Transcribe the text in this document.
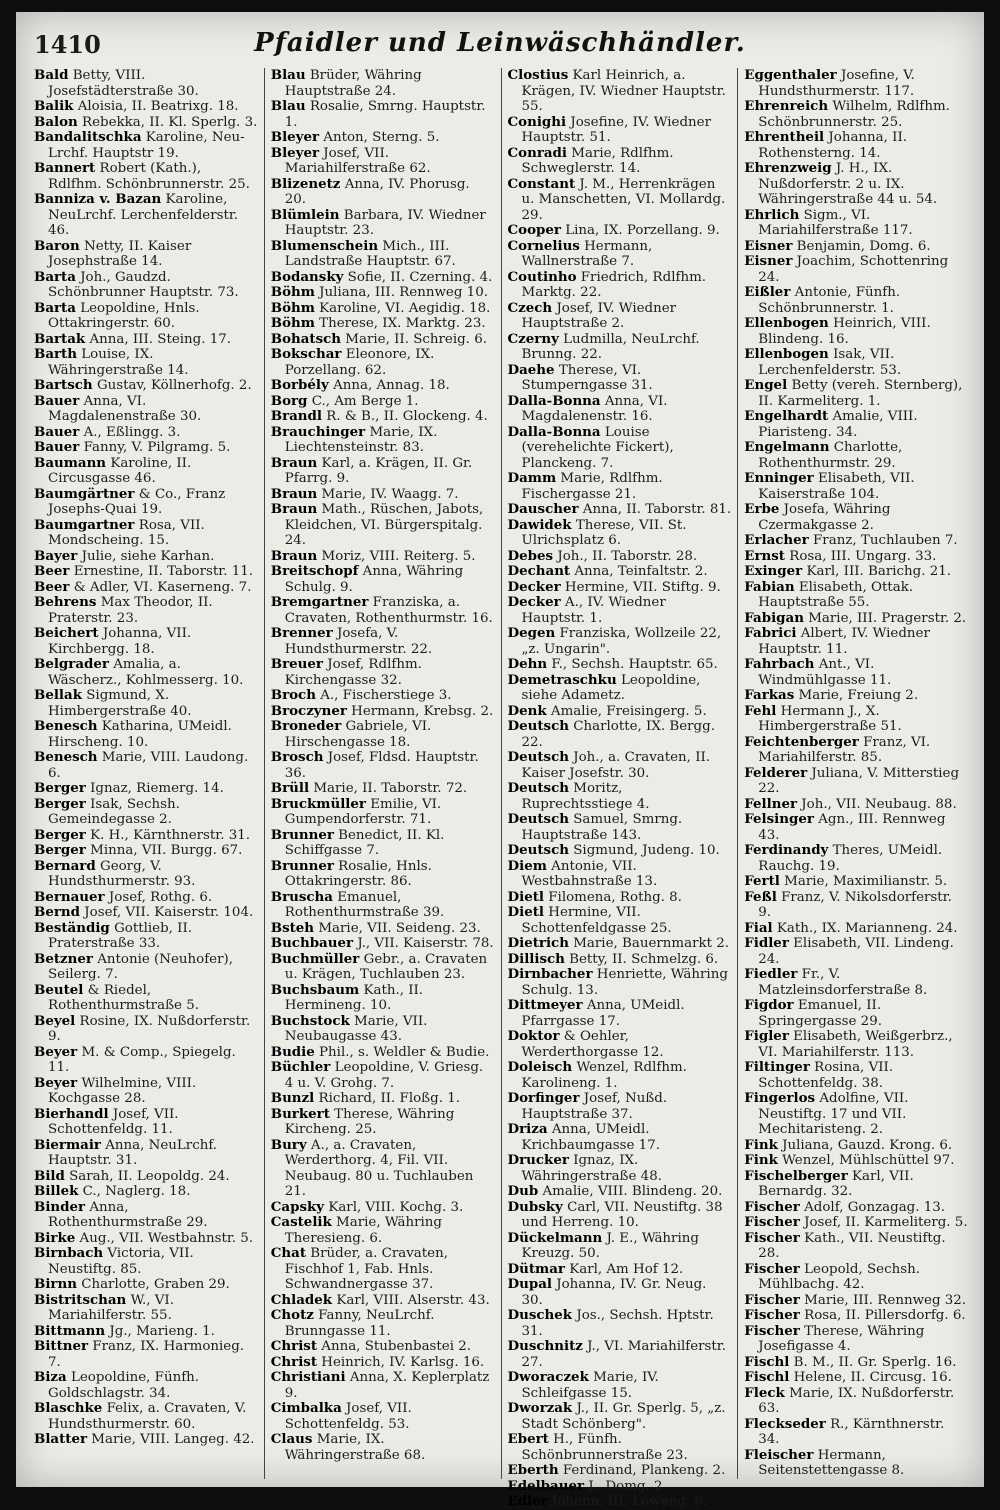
1410	Pfaidler und Leinwäschhändler.

Bald Betty, VIII. Josefstädterstraße 30.

Balik Aloisia, II. Beatrixg. 18.

Balon Rebekka, II. Kl. Sperlg. 3.

Bandalitschka Karoline, Neu-Lrchf. Hauptstr 19.

Bannert Robert (Kath.), Rdlfhm. Schönbrunnerstr. 25.

Banniza v. Bazan Karoline, NeuLrchf. Lerchenfelderstr. 46.

Baron Netty, II. Kaiser Josephstraße 14.

Barta Joh., Gaudzd. Schönbrunner Hauptstr. 73.

Barta Leopoldine, Hnls. Ottakringerstr. 60.

Bartak Anna, III. Steing. 17.

Barth Louise, IX. Währingerstraße 14.

Bartsch Gustav, Köllnerhofg. 2.

Bauer Anna, VI. Magdalenenstraße 30.

Bauer A., Eßlingg. 3.

Bauer Fanny, V. Pilgramg. 5.

Baumann Karoline, II. Circusgasse 46.

Baumgärtner & Co., Franz Josephs-Quai 19.

Baumgartner Rosa, VII. Mondscheing. 15.

Bayer Julie, siehe Karhan.

Beer Ernestine, II. Taborstr. 11.

Beer & Adler, VI. Kaserneng. 7.

Behrens Max Theodor, II. Praterstr. 23.

Beichert Johanna, VII. Kirchbergg. 18.

Belgrader Amalia, a. Wäscherz., Kohlmesserg. 10.

Bellak Sigmund, X. Himbergerstraße 40.

Benesch Katharina, UMeidl. Hirscheng. 10.

Benesch Marie, VIII. Laudong. 6.

Berger Ignaz, Riemerg. 14.

Berger Isak, Sechsh. Gemeindegasse 2.

Berger K. H., Kärnthnerstr. 31.

Berger Minna, VII. Burgg. 67.

Bernard Georg, V. Hundsthurmerstr. 93.

Bernauer Josef, Rothg. 6.

Bernd Josef, VII. Kaiserstr. 104.

Beständig Gottlieb, II. Praterstraße 33.

Betzner Antonie (Neuhofer), Seilerg. 7.

Beutel & Riedel, Rothenthurmstraße 5.

Beyel Rosine, IX. Nußdorferstr. 9.

Beyer M. & Comp., Spiegelg. 11.

Beyer Wilhelmine, VIII. Kochgasse 28.

Bierhandl Josef, VII. Schottenfeldg. 11.

Biermair Anna, NeuLrchf. Hauptstr. 31.

Bild Sarah, II. Leopoldg. 24.

Billek C., Naglerg. 18.

Binder Anna, Rothenthurmstraße 29.

Birke Aug., VII. Westbahnstr. 5.

Birnbach Victoria, VII. Neustiftg. 85.

Birnn Charlotte, Graben 29.

Bistritschan W., VI. Mariahilferstr. 55.

Bittmann Jg., Marieng. 1.

Bittner Franz, IX. Harmonieg. 7.

Biza Leopoldine, Fünfh. Goldschlagstr. 34.

Blaschke Felix, a. Cravaten, V. Hundsthurmerstr. 60.

Blatter Marie, VIII. Langeg. 42.

Blau Brüder, Währing Hauptstraße 24.

Blau Rosalie, Smrng. Hauptstr. 1.

Bleyer Anton, Sterng. 5.

Bleyer Josef, VII. Mariahilferstraße 62.

Blizenetz Anna, IV. Phorusg. 20.

Blümlein Barbara, IV. Wiedner Hauptstr. 23.

Blumenschein Mich., III. Landstraße Hauptstr. 67.

Bodansky Sofie, II. Czerning. 4.

Böhm Juliana, III. Rennweg 10.

Böhm Karoline, VI. Aegidig. 18.

Böhm Therese, IX. Marktg. 23.

Bohatsch Marie, II. Schreig. 6.

Bokschar Eleonore, IX. Porzellang. 62.

Borbély Anna, Annag. 18.

Borg C., Am Berge 1.

Brandl R. & B., II. Glockeng. 4.

Brauchinger Marie, IX. Liechtensteinstr. 83.

Braun Karl, a. Krägen, II. Gr. Pfarrg. 9.

Braun Marie, IV. Waagg. 7.

Braun Math., Rüschen, Jabots, Kleidchen, VI. Bürgerspitalg. 24.

Braun Moriz, VIII. Reiterg. 5.

Breitschopf Anna, Währing Schulg. 9.

Bremgartner Franziska, a. Cravaten, Rothenthurmstr. 16.

Brenner Josefa, V. Hundsthurmerstr. 22.

Breuer Josef, Rdlfhm. Kirchengasse 32.

Broch A., Fischerstiege 3.

Broczyner Hermann, Krebsg. 2.

Broneder Gabriele, VI. Hirschengasse 18.

Brosch Josef, Fldsd. Hauptstr. 36.

Brüll Marie, II. Taborstr. 72.

Bruckmüller Emilie, VI. Gumpendorferstr. 71.

Brunner Benedict, II. Kl. Schiffgasse 7.

Brunner Rosalie, Hnls. Ottakringerstr. 86.

Bruscha Emanuel, Rothenthurmstraße 39.

Bsteh Marie, VII. Seideng. 23.

Buchbauer J., VII. Kaiserstr. 78.

Buchmüller Gebr., a. Cravaten u. Krägen, Tuchlauben 23.

Buchsbaum Kath., II. Hermineng. 10.

Buchstock Marie, VII. Neubaugasse 43.

Budie Phil., s. Weldler & Budie.

Büchler Leopoldine, V. Griesg. 4 u. V. Grohg. 7.

Bunzl Richard, II. Floßg. 1.

Burkert Therese, Währing Kircheng. 25.

Bury A., a. Cravaten, Werderthorg. 4, Fil. VII. Neubaug. 80 u. Tuchlauben 21.

Capsky Karl, VIII. Kochg. 3.

Castelik Marie, Währing Theresieng. 6.

Chat Brüder, a. Cravaten, Fischhof 1, Fab. Hnls. Schwandnergasse 37.

Chladek Karl, VIII. Alserstr. 43.

Chotz Fanny, NeuLrchf. Brunngasse 11.

Christ Anna, Stubenbastei 2.

Christ Heinrich, IV. Karlsg. 16.

Christiani Anna, X. Keplerplatz 9.

Cimbalka Josef, VII. Schottenfeldg. 53.

Claus Marie, IX. Währingerstraße 68.

Clostius Karl Heinrich, a. Krägen, IV. Wiedner Hauptstr. 55.

Conighi Josefine, IV. Wiedner Hauptstr. 51.

Conradi Marie, Rdlfhm. Schweglerstr. 14.

Constant J. M., Herrenkrägen u. Manschetten, VI. Mollardg. 29.

Cooper Lina, IX. Porzellang. 9.

Cornelius Hermann, Wallnerstraße 7.

Coutinho Friedrich, Rdlfhm. Marktg. 22.

Czech Josef, IV. Wiedner Hauptstraße 2.

Czerny Ludmilla, NeuLrchf. Brunng. 22.

Daehe Therese, VI. Stumperngasse 31.

Dalla-Bonna Anna, VI. Magdalenenstr. 16.

Dalla-Bonna Louise (verehelichte Fickert), Planckeng. 7.

Damm Marie, Rdlfhm. Fischergasse 21.

Dauscher Anna, II. Taborstr. 81.

Dawidek Therese, VII. St. Ulrichsplatz 6.

Debes Joh., II. Taborstr. 28.

Dechant Anna, Teinfaltstr. 2.

Decker Hermine, VII. Stiftg. 9.

Decker A., IV. Wiedner Hauptstr. 1.

Degen Franziska, Wollzeile 22, „z. Ungarin".

Dehn F., Sechsh. Hauptstr. 65.

Demetraschku Leopoldine, siehe Adametz.

Denk Amalie, Freisingerg. 5.

Deutsch Charlotte, IX. Bergg. 22.

Deutsch Joh., a. Cravaten, II. Kaiser Josefstr. 30.

Deutsch Moritz, Ruprechtsstiege 4.

Deutsch Samuel, Smrng. Hauptstraße 143.

Deutsch Sigmund, Judeng. 10.

Diem Antonie, VII. Westbahnstraße 13.

Dietl Filomena, Rothg. 8.

Dietl Hermine, VII. Schottenfeldgasse 25.

Dietrich Marie, Bauernmarkt 2.

Dillisch Betty, II. Schmelzg. 6.

Dirnbacher Henriette, Währing Schulg. 13.

Dittmeyer Anna, UMeidl. Pfarrgasse 17.

Doktor & Oehler, Werderthorgasse 12.

Doleisch Wenzel, Rdlfhm. Karolineng. 1.

Dorfinger Josef, Nußd. Hauptstraße 37.

Driza Anna, UMeidl. Krichbaumgasse 17.

Drucker Ignaz, IX. Währingerstraße 48.

Dub Amalie, VIII. Blindeng. 20.

Dubsky Carl, VII. Neustiftg. 38 und Herreng. 10.

Dückelmann J. E., Währing Kreuzg. 50.

Dütmar Karl, Am Hof 12.

Dupal Johanna, IV. Gr. Neug. 30.

Duschek Jos., Sechsh. Hptstr. 31.

Duschnitz J., VI. Mariahilferstr. 27.

Dworaczek Marie, IV. Schleifgasse 15.

Dworzak J., II. Gr. Sperlg. 5, „z. Stadt Schönberg".

Ebert H., Fünfh. Schönbrunnerstraße 23.

Eberth Ferdinand, Plankeng. 2.

Edelbauer J., Domg. 2.

Edler Johann, III. Löweng. 6.

Eggenthaler Josefine, V. Hundsthurmerstr. 117.

Ehrenreich Wilhelm, Rdlfhm. Schönbrunnerstr. 25.

Ehrentheil Johanna, II. Rothensterng. 14.

Ehrenzweig J. H., IX. Nußdorferstr. 2 u. IX. Währingerstraße 44 u. 54.

Ehrlich Sigm., VI. Mariahilferstraße 117.

Eisner Benjamin, Domg. 6.

Eisner Joachim, Schottenring 24.

Eißler Antonie, Fünfh. Schönbrunnerstr. 1.

Ellenbogen Heinrich, VIII. Blindeng. 16.

Ellenbogen Isak, VII. Lerchenfelderstr. 53.

Engel Betty (vereh. Sternberg), II. Karmeliterg. 1.

Engelhardt Amalie, VIII. Piaristeng. 34.

Engelmann Charlotte, Rothenthurmstr. 29.

Enninger Elisabeth, VII. Kaiserstraße 104.

Erbe Josefa, Währing Czermakgasse 2.

Erlacher Franz, Tuchlauben 7.

Ernst Rosa, III. Ungarg. 33.

Exinger Karl, III. Barichg. 21.

Fabian Elisabeth, Ottak. Hauptstraße 55.

Fabigan Marie, III. Pragerstr. 2.

Fabrici Albert, IV. Wiedner Hauptstr. 11.

Fahrbach Ant., VI. Windmühlgasse 11.

Farkas Marie, Freiung 2.

Fehl Hermann J., X. Himbergerstraße 51.

Feichtenberger Franz, VI. Mariahilferstr. 85.

Felderer Juliana, V. Mitterstieg 22.

Fellner Joh., VII. Neubaug. 88.

Felsinger Agn., III. Rennweg 43.

Ferdinandy Theres, UMeidl. Rauchg. 19.

Fertl Marie, Maximilianstr. 5.

Feßl Franz, V. Nikolsdorferstr. 9.

Fial Kath., IX. Marianneng. 24.

Fidler Elisabeth, VII. Lindeng. 24.

Fiedler Fr., V. Matzleinsdorferstraße 8.

Figdor Emanuel, II. Springergasse 29.

Figler Elisabeth, Weißgerbrz., VI. Mariahilferstr. 113.

Filtinger Rosina, VII. Schottenfeldg. 38.

Fingerlos Adolfine, VII. Neustiftg. 17 und VII. Mechitaristeng. 2.

Fink Juliana, Gauzd. Krong. 6.

Fink Wenzel, Mühlschüttel 97.

Fischelberger Karl, VII. Bernardg. 32.

Fischer Adolf, Gonzagag. 13.

Fischer Josef, II. Karmeliterg. 5.

Fischer Kath., VII. Neustiftg. 28.

Fischer Leopold, Sechsh. Mühlbachg. 42.

Fischer Marie, III. Rennweg 32.

Fischer Rosa, II. Pillersdorfg. 6.

Fischer Therese, Währing Josefigasse 4.

Fischl B. M., II. Gr. Sperlg. 16.

Fischl Helene, II. Circusg. 16.

Fleck Marie, IX. Nußdorferstr. 63.

Fleckseder R., Kärnthnerstr. 34.

Fleischer Hermann, Seitenstettengasse 8.
